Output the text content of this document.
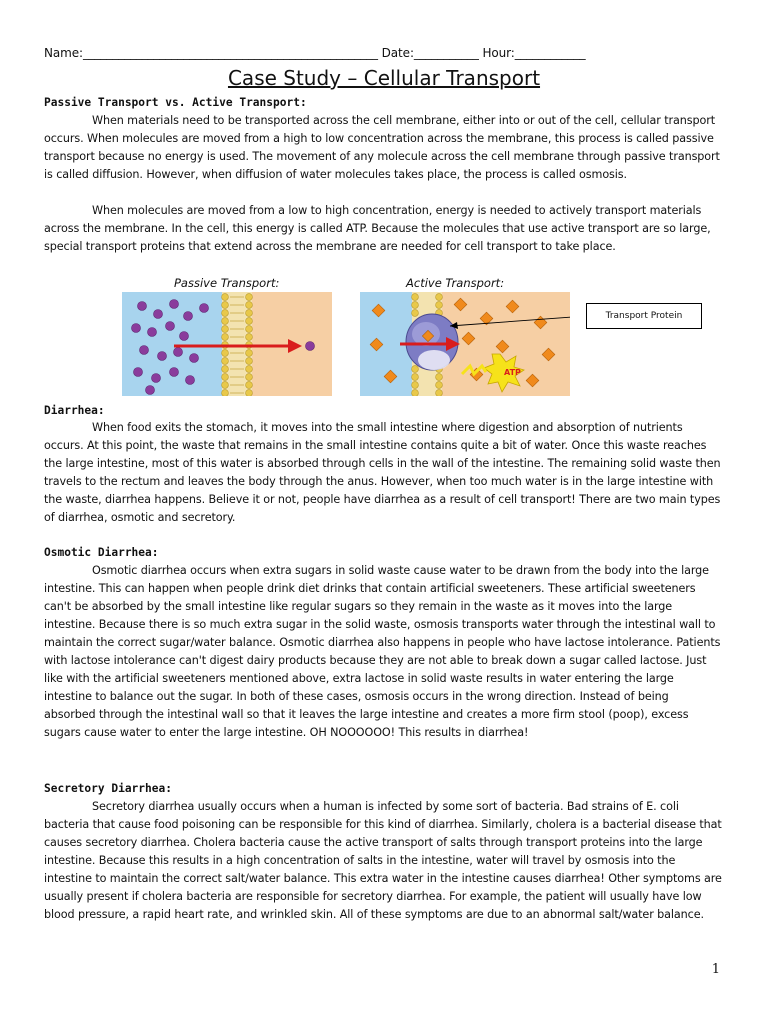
Name:__________________________________________________ Date:___________ Hour:____________
Case Study – Cellular Transport
Passive Transport vs. Active Transport:
When materials need to be transported across the cell membrane, either into or out of the cell, cellular transport occurs. When molecules are moved from a high to low concentration across the membrane, this process is called passive transport because no energy is used. The movement of any molecule across the cell membrane through passive transport is called diffusion. However, when diffusion of water molecules takes place, the process is called osmosis.
When molecules are moved from a low to high concentration, energy is needed to actively transport materials across the membrane. In the cell, this energy is called ATP. Because the molecules that use active transport are so large, special transport proteins that extend across the membrane are needed for cell transport to take place.
Passive Transport:	Active Transport:
ATP
Transport Protein
Diarrhea:
When food exits the stomach, it moves into the small intestine where digestion and absorption of nutrients occurs. At this point, the waste that remains in the small intestine contains quite a bit of water. Once this waste reaches the large intestine, most of this water is absorbed through cells in the wall of the intestine. The remaining solid waste then travels to the rectum and leaves the body through the anus. However, when too much water is in the large intestine with the waste, diarrhea happens. Believe it or not, people have diarrhea as a result of cell transport! There are two main types of diarrhea, osmotic and secretory.
Osmotic Diarrhea:
Osmotic diarrhea occurs when extra sugars in solid waste cause water to be drawn from the body into the large intestine. This can happen when people drink diet drinks that contain artificial sweeteners. These artificial sweeteners can't be absorbed by the small intestine like regular sugars so they remain in the waste as it moves into the large intestine. Because there is so much extra sugar in the solid waste, osmosis transports water through the intestinal wall to maintain the correct sugar/water balance. Osmotic diarrhea also happens in people who have lactose intolerance. Patients with lactose intolerance can't digest dairy products because they are not able to break down a sugar called lactose. Just like with the artificial sweeteners mentioned above, extra lactose in solid waste results in water entering the large intestine to balance out the sugar. In both of these cases, osmosis occurs in the wrong direction. Instead of being absorbed through the intestinal wall so that it leaves the large intestine and creates a more firm stool (poop), excess sugars cause water to enter the large intestine. OH NOOOOOO! This results in diarrhea!
Secretory Diarrhea:
Secretory diarrhea usually occurs when a human is infected by some sort of bacteria. Bad strains of E. coli bacteria that cause food poisoning can be responsible for this kind of diarrhea. Similarly, cholera is a bacterial disease that causes secretory diarrhea. Cholera bacteria cause the active transport of salts through transport proteins into the large intestine. Because this results in a high concentration of salts in the intestine, water will travel by osmosis into the intestine to maintain the correct salt/water balance. This extra water in the intestine causes diarrhea! Other symptoms are usually present if cholera bacteria are responsible for secretory diarrhea. For example, the patient will usually have low blood pressure, a rapid heart rate, and wrinkled skin. All of these symptoms are due to an abnormal salt/water balance.
1
